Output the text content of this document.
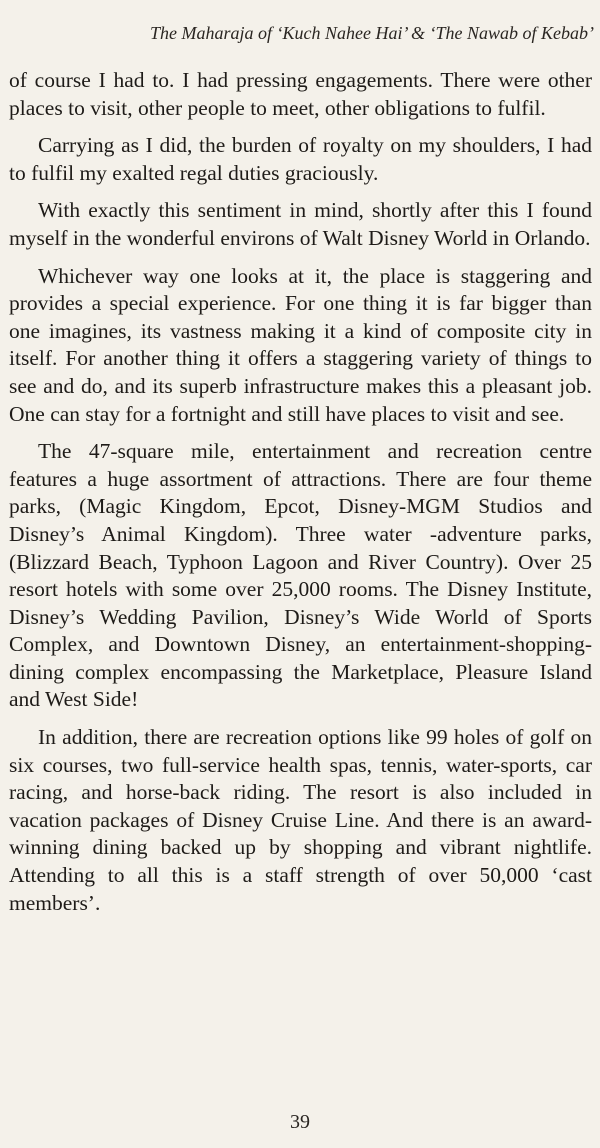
The Maharaja of ‘Kuch Nahee Hai’ & ‘The Nawab of Kebab’

of course I had to. I had pressing engagements. There were other places to visit, other people to meet, other obligations to fulfil.

Carrying as I did, the burden of royalty on my shoulders, I had to fulfil my exalted regal duties graciously.

With exactly this sentiment in mind, shortly after this I found myself in the wonderful environs of Walt Disney World in Orlando.

Whichever way one looks at it, the place is staggering and provides a special experience. For one thing it is far bigger than one imagines, its vastness making it a kind of composite city in itself. For another thing it offers a staggering variety of things to see and do, and its superb infrastructure makes this a pleasant job. One can stay for a fortnight and still have places to visit and see.

The 47-square mile, entertainment and recreation centre features a huge assortment of attractions. There are four theme parks, (Magic Kingdom, Epcot, Disney-MGM Studios and Disney’s Animal Kingdom). Three water -adventure parks, (Blizzard Beach, Typhoon Lagoon and River Country). Over 25 resort hotels with some over 25,000 rooms. The Disney Institute, Disney’s Wedding Pavilion, Disney’s Wide World of Sports Complex, and Downtown Disney, an entertainment-shopping-dining complex encompassing the Marketplace, Pleasure Island and West Side!

In addition, there are recreation options like 99 holes of golf on six courses, two full-service health spas, tennis, water-sports, car racing, and horse-back riding. The resort is also included in vacation packages of Disney Cruise Line. And there is an award-winning dining backed up by shopping and vibrant nightlife. Attending to all this is a staff strength of over 50,000 ‘cast members’.

39
